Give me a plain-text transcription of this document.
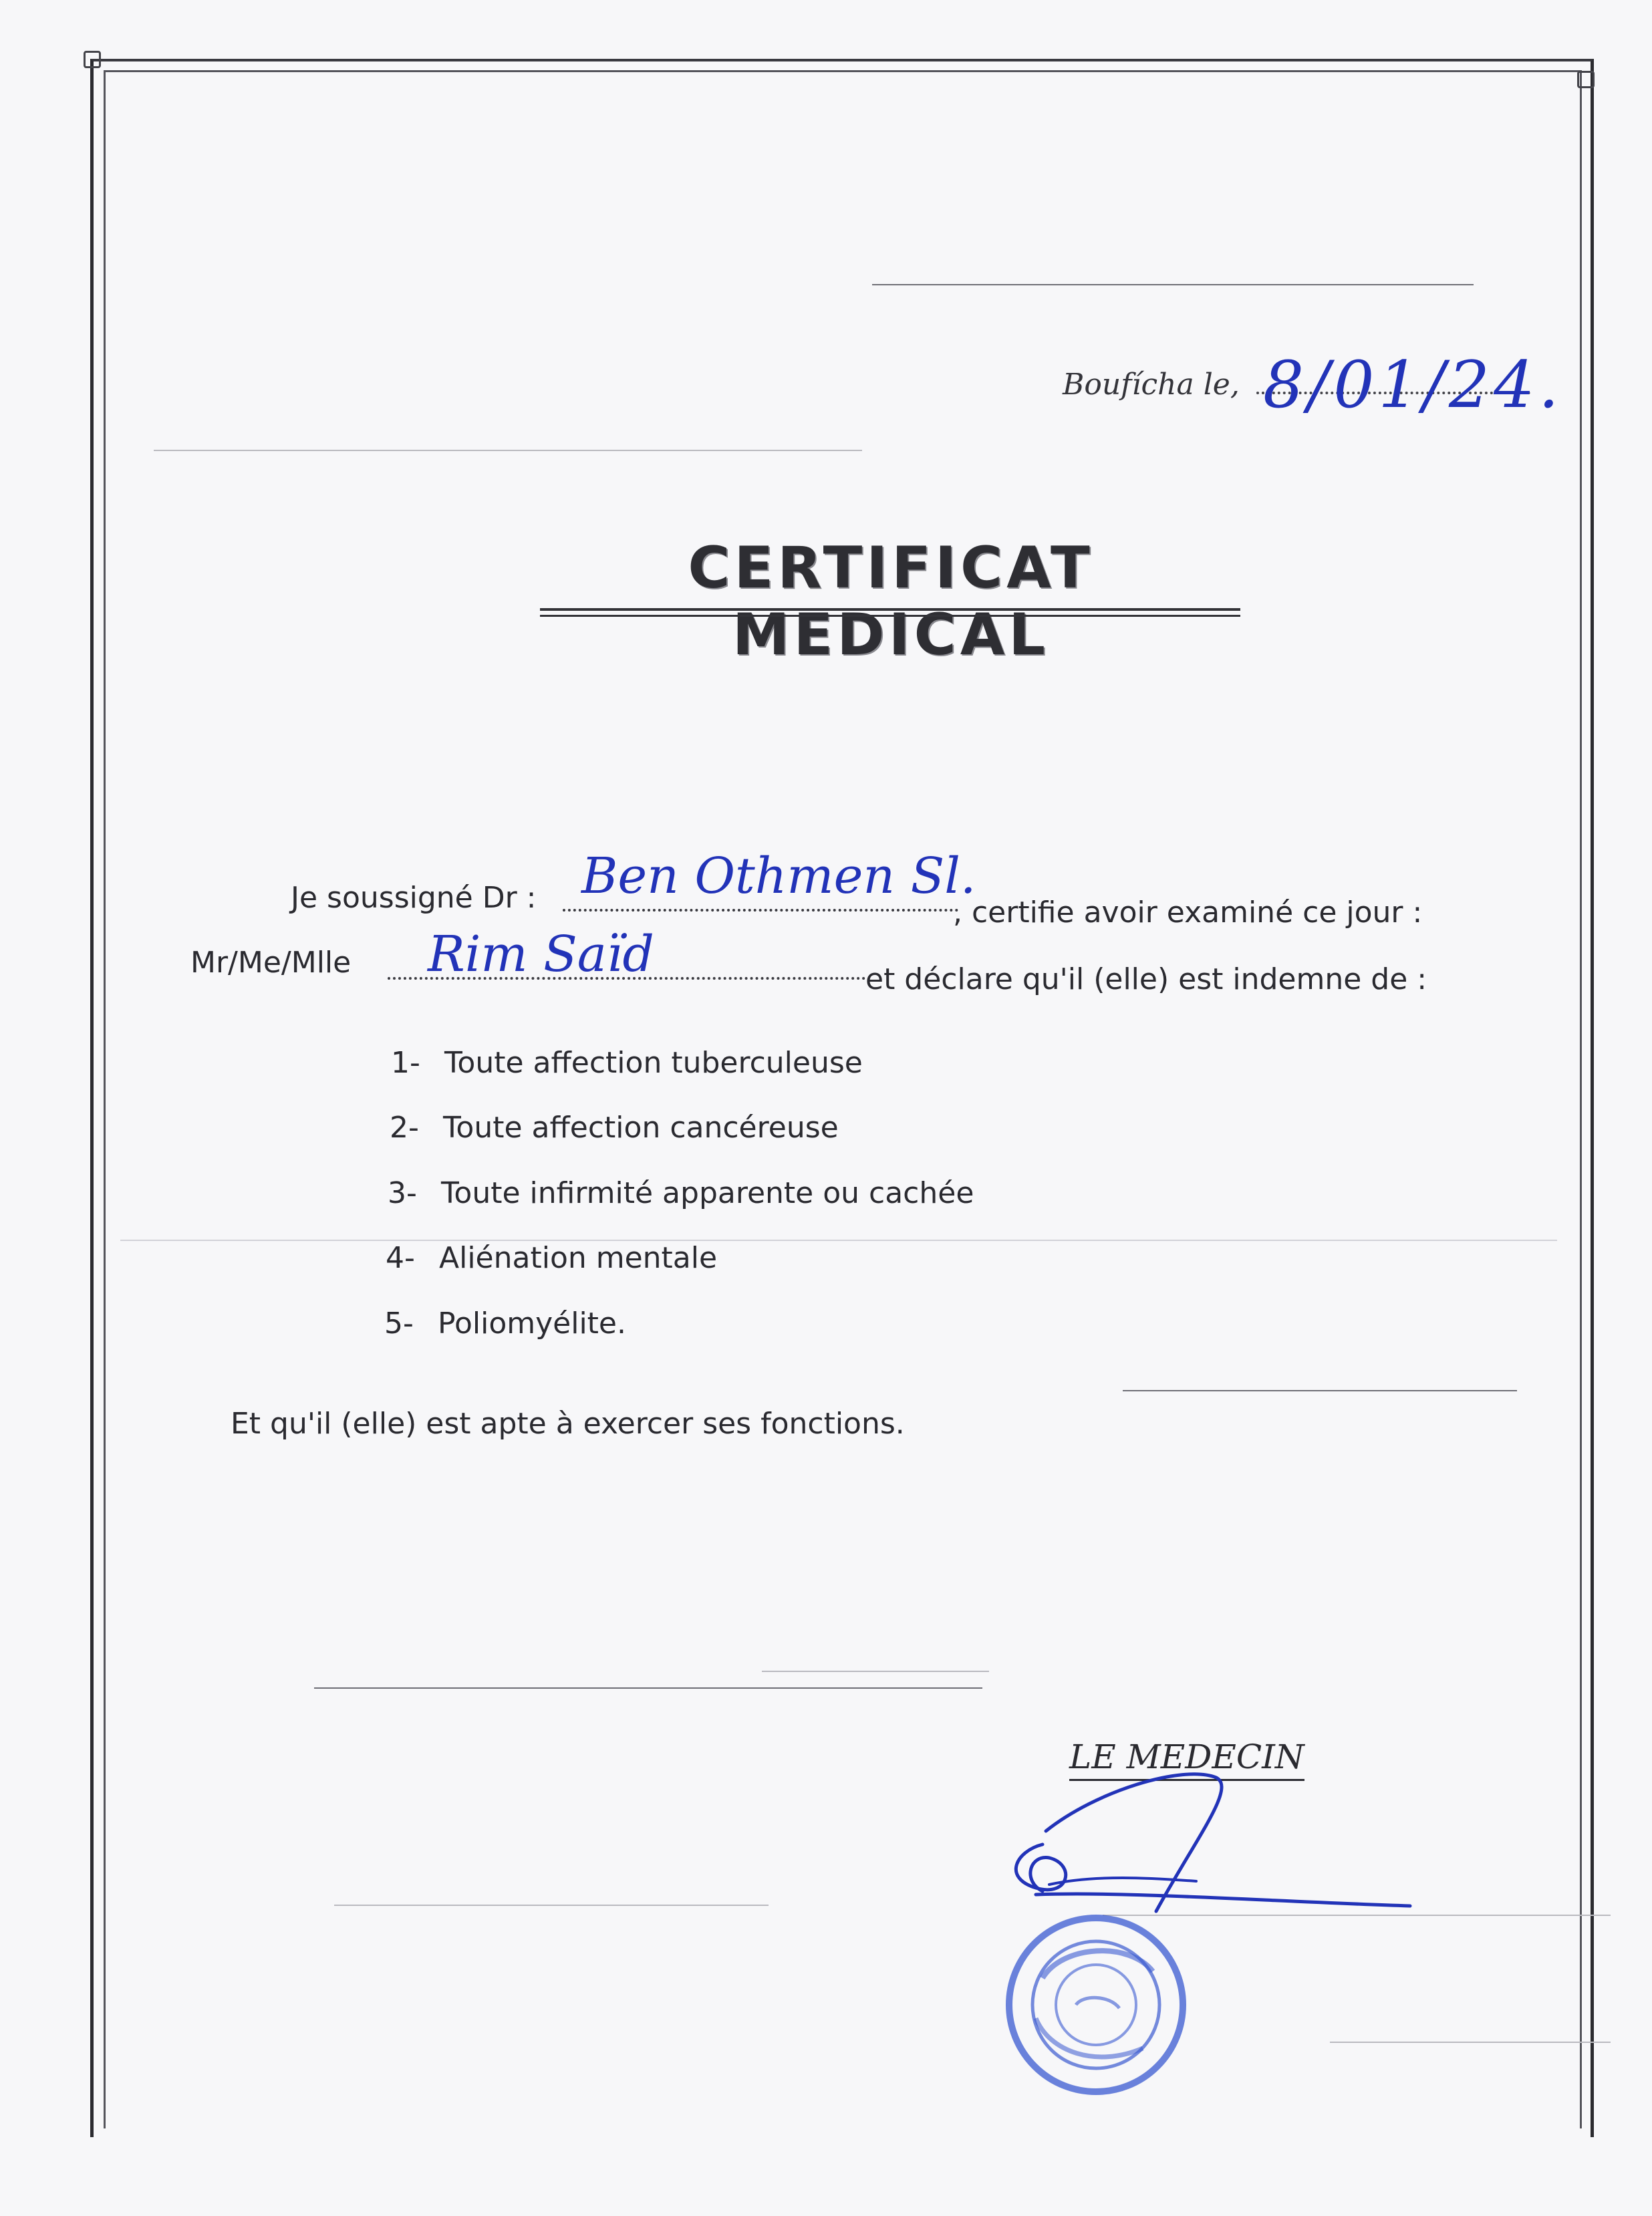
Boufícha le, 8/01/24.
CERTIFICAT MEDICAL
Je soussigné Dr : Ben Othmen Sl.
, certifie avoir examiné ce jour :
Mr/Me/Mlle Rim Saïd	et déclare qu'il (elle) est indemne de :
1- Toute affection tuberculeuse
2- Toute affection cancéreuse
3- Toute infirmité apparente ou cachée
4- Aliénation mentale
5- Poliomyélite.
Et qu'il (elle) est apte à exercer ses fonctions.
LE MEDECIN
